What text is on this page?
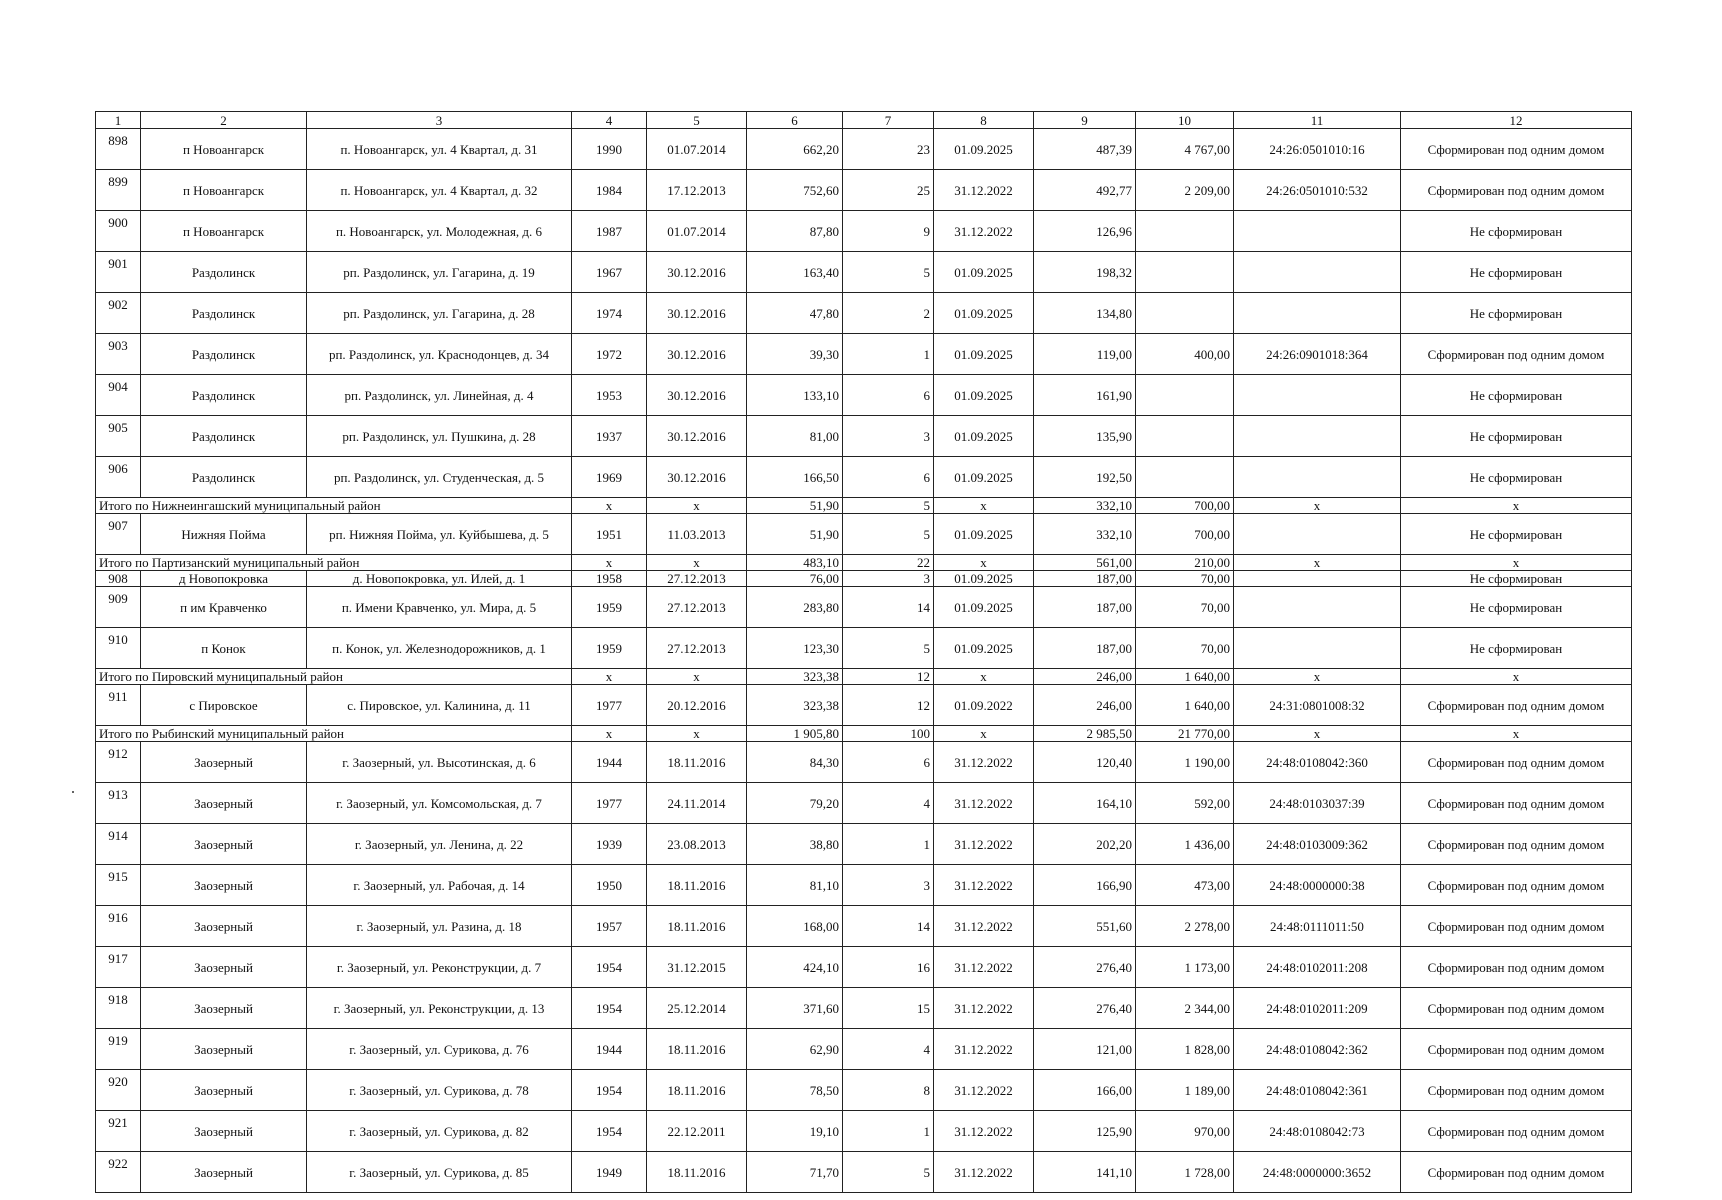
1	2	3	4	5	6	7	8	9	10	11	12
898	п Новоангарск	п. Новоангарск, ул. 4 Квартал, д. 31	1990	01.07.2014	662,20	23	01.09.2025	487,39	4 767,00	24:26:0501010:16	Сформирован под одним домом
899	п Новоангарск	п. Новоангарск, ул. 4 Квартал, д. 32	1984	17.12.2013	752,60	25	31.12.2022	492,77	2 209,00	24:26:0501010:532	Сформирован под одним домом
900	п Новоангарск	п. Новоангарск, ул. Молодежная, д. 6	1987	01.07.2014	87,80	9	31.12.2022	126,96			Не сформирован
901	Раздолинск	рп. Раздолинск, ул. Гагарина, д. 19	1967	30.12.2016	163,40	5	01.09.2025	198,32			Не сформирован
902	Раздолинск	рп. Раздолинск, ул. Гагарина, д. 28	1974	30.12.2016	47,80	2	01.09.2025	134,80			Не сформирован
903	Раздолинск	рп. Раздолинск, ул. Краснодонцев, д. 34	1972	30.12.2016	39,30	1	01.09.2025	119,00	400,00	24:26:0901018:364	Сформирован под одним домом
904	Раздолинск	рп. Раздолинск, ул. Линейная, д. 4	1953	30.12.2016	133,10	6	01.09.2025	161,90			Не сформирован
905	Раздолинск	рп. Раздолинск, ул. Пушкина, д. 28	1937	30.12.2016	81,00	3	01.09.2025	135,90			Не сформирован
906	Раздолинск	рп. Раздолинск, ул. Студенческая, д. 5	1969	30.12.2016	166,50	6	01.09.2025	192,50			Не сформирован
Итого по Нижнеингашский муниципальный район			x	x	51,90	5	x	332,10	700,00	x	x
907	Нижняя Пойма	рп. Нижняя Пойма, ул. Куйбышева, д. 5	1951	11.03.2013	51,90	5	01.09.2025	332,10	700,00		Не сформирован
Итого по Партизанский муниципальный район			x	x	483,10	22	x	561,00	210,00	x	x
908	д Новопокровка	д. Новопокровка, ул. Илей, д. 1	1958	27.12.2013	76,00	3	01.09.2025	187,00	70,00		Не сформирован
909	п им Кравченко	п. Имени Кравченко, ул. Мира, д. 5	1959	27.12.2013	283,80	14	01.09.2025	187,00	70,00		Не сформирован
910	п Конок	п. Конок, ул. Железнодорожников, д. 1	1959	27.12.2013	123,30	5	01.09.2025	187,00	70,00		Не сформирован
Итого по Пировский муниципальный район			x	x	323,38	12	x	246,00	1 640,00	x	x
911	с Пировское	с. Пировское, ул. Калинина, д. 11	1977	20.12.2016	323,38	12	01.09.2022	246,00	1 640,00	24:31:0801008:32	Сформирован под одним домом
Итого по Рыбинский муниципальный район			x	x	1 905,80	100	x	2 985,50	21 770,00	x	x
912	Заозерный	г. Заозерный, ул. Высотинская, д. 6	1944	18.11.2016	84,30	6	31.12.2022	120,40	1 190,00	24:48:0108042:360	Сформирован под одним домом
913	Заозерный	г. Заозерный, ул. Комсомольская, д. 7	1977	24.11.2014	79,20	4	31.12.2022	164,10	592,00	24:48:0103037:39	Сформирован под одним домом
914	Заозерный	г. Заозерный, ул. Ленина, д. 22	1939	23.08.2013	38,80	1	31.12.2022	202,20	1 436,00	24:48:0103009:362	Сформирован под одним домом
915	Заозерный	г. Заозерный, ул. Рабочая, д. 14	1950	18.11.2016	81,10	3	31.12.2022	166,90	473,00	24:48:0000000:38	Сформирован под одним домом
916	Заозерный	г. Заозерный, ул. Разина, д. 18	1957	18.11.2016	168,00	14	31.12.2022	551,60	2 278,00	24:48:0111011:50	Сформирован под одним домом
917	Заозерный	г. Заозерный, ул. Реконструкции, д. 7	1954	31.12.2015	424,10	16	31.12.2022	276,40	1 173,00	24:48:0102011:208	Сформирован под одним домом
918	Заозерный	г. Заозерный, ул. Реконструкции, д. 13	1954	25.12.2014	371,60	15	31.12.2022	276,40	2 344,00	24:48:0102011:209	Сформирован под одним домом
919	Заозерный	г. Заозерный, ул. Сурикова, д. 76	1944	18.11.2016	62,90	4	31.12.2022	121,00	1 828,00	24:48:0108042:362	Сформирован под одним домом
920	Заозерный	г. Заозерный, ул. Сурикова, д. 78	1954	18.11.2016	78,50	8	31.12.2022	166,00	1 189,00	24:48:0108042:361	Сформирован под одним домом
921	Заозерный	г. Заозерный, ул. Сурикова, д. 82	1954	22.12.2011	19,10	1	31.12.2022	125,90	970,00	24:48:0108042:73	Сформирован под одним домом
922	Заозерный	г. Заозерный, ул. Сурикова, д. 85	1949	18.11.2016	71,70	5	31.12.2022	141,10	1 728,00	24:48:0000000:3652	Сформирован под одним домом
